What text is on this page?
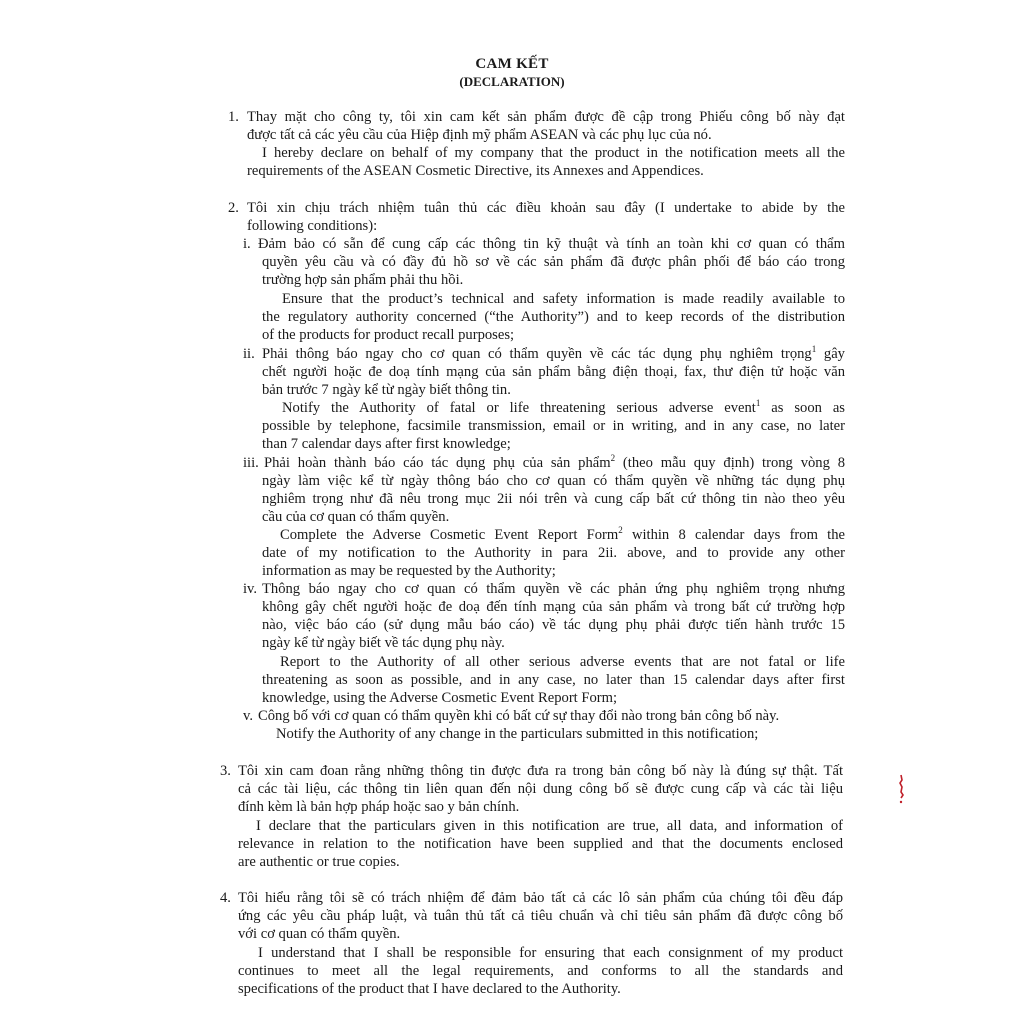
CAM KẾT
(DECLARATION)
1. Thay mặt cho công ty, tôi xin cam kết sản phẩm được đề cập trong Phiếu công bố này đạt
được tất cả các yêu cầu của Hiệp định mỹ phẩm ASEAN và các phụ lục của nó.
I hereby declare on behalf of my company that the product in the notification meets all the
requirements of the ASEAN Cosmetic Directive, its Annexes and Appendices.
2. Tôi xin chịu trách nhiệm tuân thủ các điều khoản sau đây (I undertake to abide by the
following conditions):
i. Đảm bảo có sẵn để cung cấp các thông tin kỹ thuật và tính an toàn khi cơ quan có thẩm
quyền yêu cầu và có đầy đủ hồ sơ về các sản phẩm đã được phân phối để báo cáo trong
trường hợp sản phẩm phải thu hồi.
Ensure that the product’s technical and safety information is made readily available to
the regulatory authority concerned (“the Authority”) and to keep records of the distribution
of the products for product recall purposes;
ii. Phải thông báo ngay cho cơ quan có thẩm quyền về các tác dụng phụ nghiêm trọng$^1$ gây
chết người hoặc đe doạ tính mạng của sản phẩm bằng điện thoại, fax, thư điện tử hoặc văn
bản trước 7 ngày kể từ ngày biết thông tin.
Notify the Authority of fatal or life threatening serious adverse event$^1$ as soon as
possible by telephone, facsimile transmission, email or in writing, and in any case, no later
than 7 calendar days after first knowledge;
iii. Phải hoàn thành báo cáo tác dụng phụ của sản phẩm$^2$ (theo mẫu quy định) trong vòng 8
ngày làm việc kể từ ngày thông báo cho cơ quan có thẩm quyền về những tác dụng phụ
nghiêm trọng như đã nêu trong mục 2ii nói trên và cung cấp bất cứ thông tin nào theo yêu
cầu của cơ quan có thẩm quyền.
Complete the Adverse Cosmetic Event Report Form$^2$ within 8 calendar days from the
date of my notification to the Authority in para 2ii. above, and to provide any other
information as may be requested by the Authority;
iv. Thông báo ngay cho cơ quan có thẩm quyền về các phản ứng phụ nghiêm trọng nhưng
không gây chết người hoặc đe doạ đến tính mạng của sản phẩm và trong bất cứ trường hợp
nào, việc báo cáo (sử dụng mẫu báo cáo) về tác dụng phụ phải được tiến hành trước 15
ngày kể từ ngày biết về tác dụng phụ này.
Report to the Authority of all other serious adverse events that are not fatal or life
threatening as soon as possible, and in any case, no later than 15 calendar days after first
knowledge, using the Adverse Cosmetic Event Report Form;
v. Công bố với cơ quan có thẩm quyền khi có bất cứ sự thay đổi nào trong bản công bố này.
Notify the Authority of any change in the particulars submitted in this notification;
3. Tôi xin cam đoan rằng những thông tin được đưa ra trong bản công bố này là đúng sự thật. Tất
cả các tài liệu, các thông tin liên quan đến nội dung công bố sẽ được cung cấp và các tài liệu
đính kèm là bản hợp pháp hoặc sao y bản chính.
I declare that the particulars given in this notification are true, all data, and information of
relevance in relation to the notification have been supplied and that the documents enclosed
are authentic or true copies.
4. Tôi hiểu rằng tôi sẽ có trách nhiệm để đảm bảo tất cả các lô sản phẩm của chúng tôi đều đáp
ứng các yêu cầu pháp luật, và tuân thủ tất cả tiêu chuẩn và chỉ tiêu sản phẩm đã được công bố
với cơ quan có thẩm quyền.
I understand that I shall be responsible for ensuring that each consignment of my product
continues to meet all the legal requirements, and conforms to all the standards and
specifications of the product that I have declared to the Authority.
